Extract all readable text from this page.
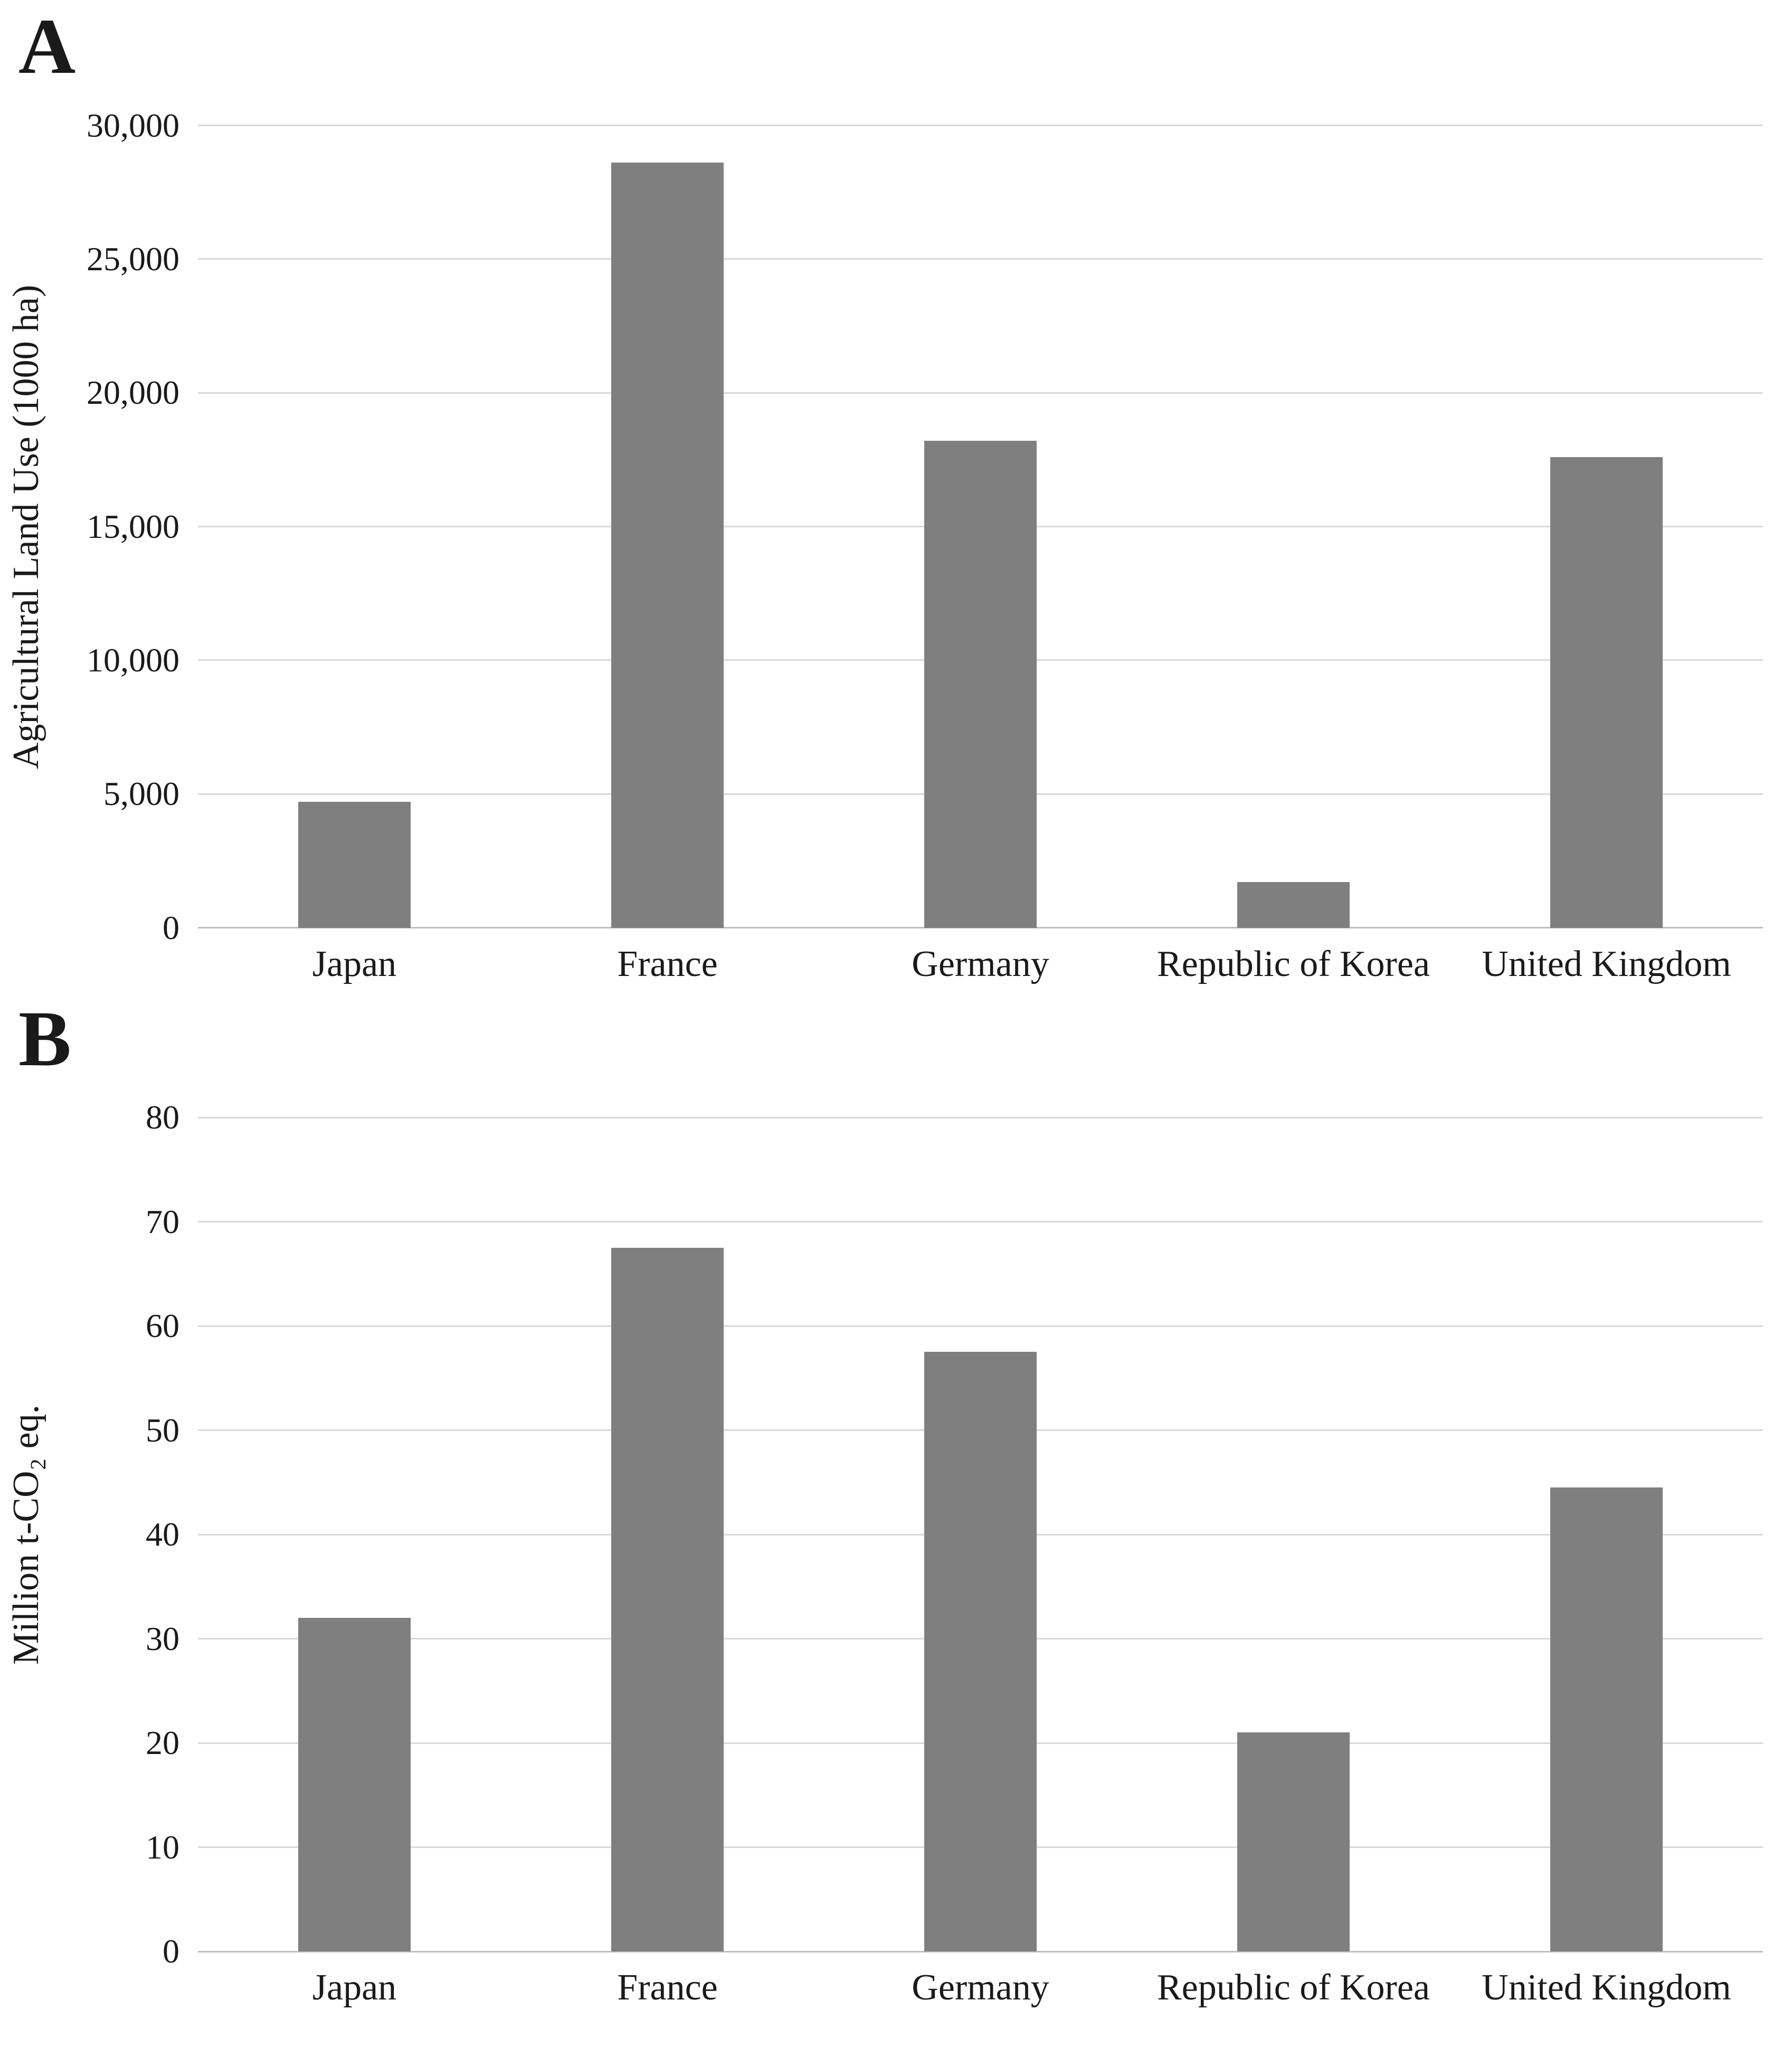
A
Agricultural Land Use (1000 ha)
0
5,000
10,000
15,000
20,000
25,000
30,000
Japan	France	Germany	Republic of Korea	United Kingdom
B
Million t-CO₂ eq.
0
10
20
30
40
50
60
70
80
Japan	France	Germany	Republic of Korea	United Kingdom
